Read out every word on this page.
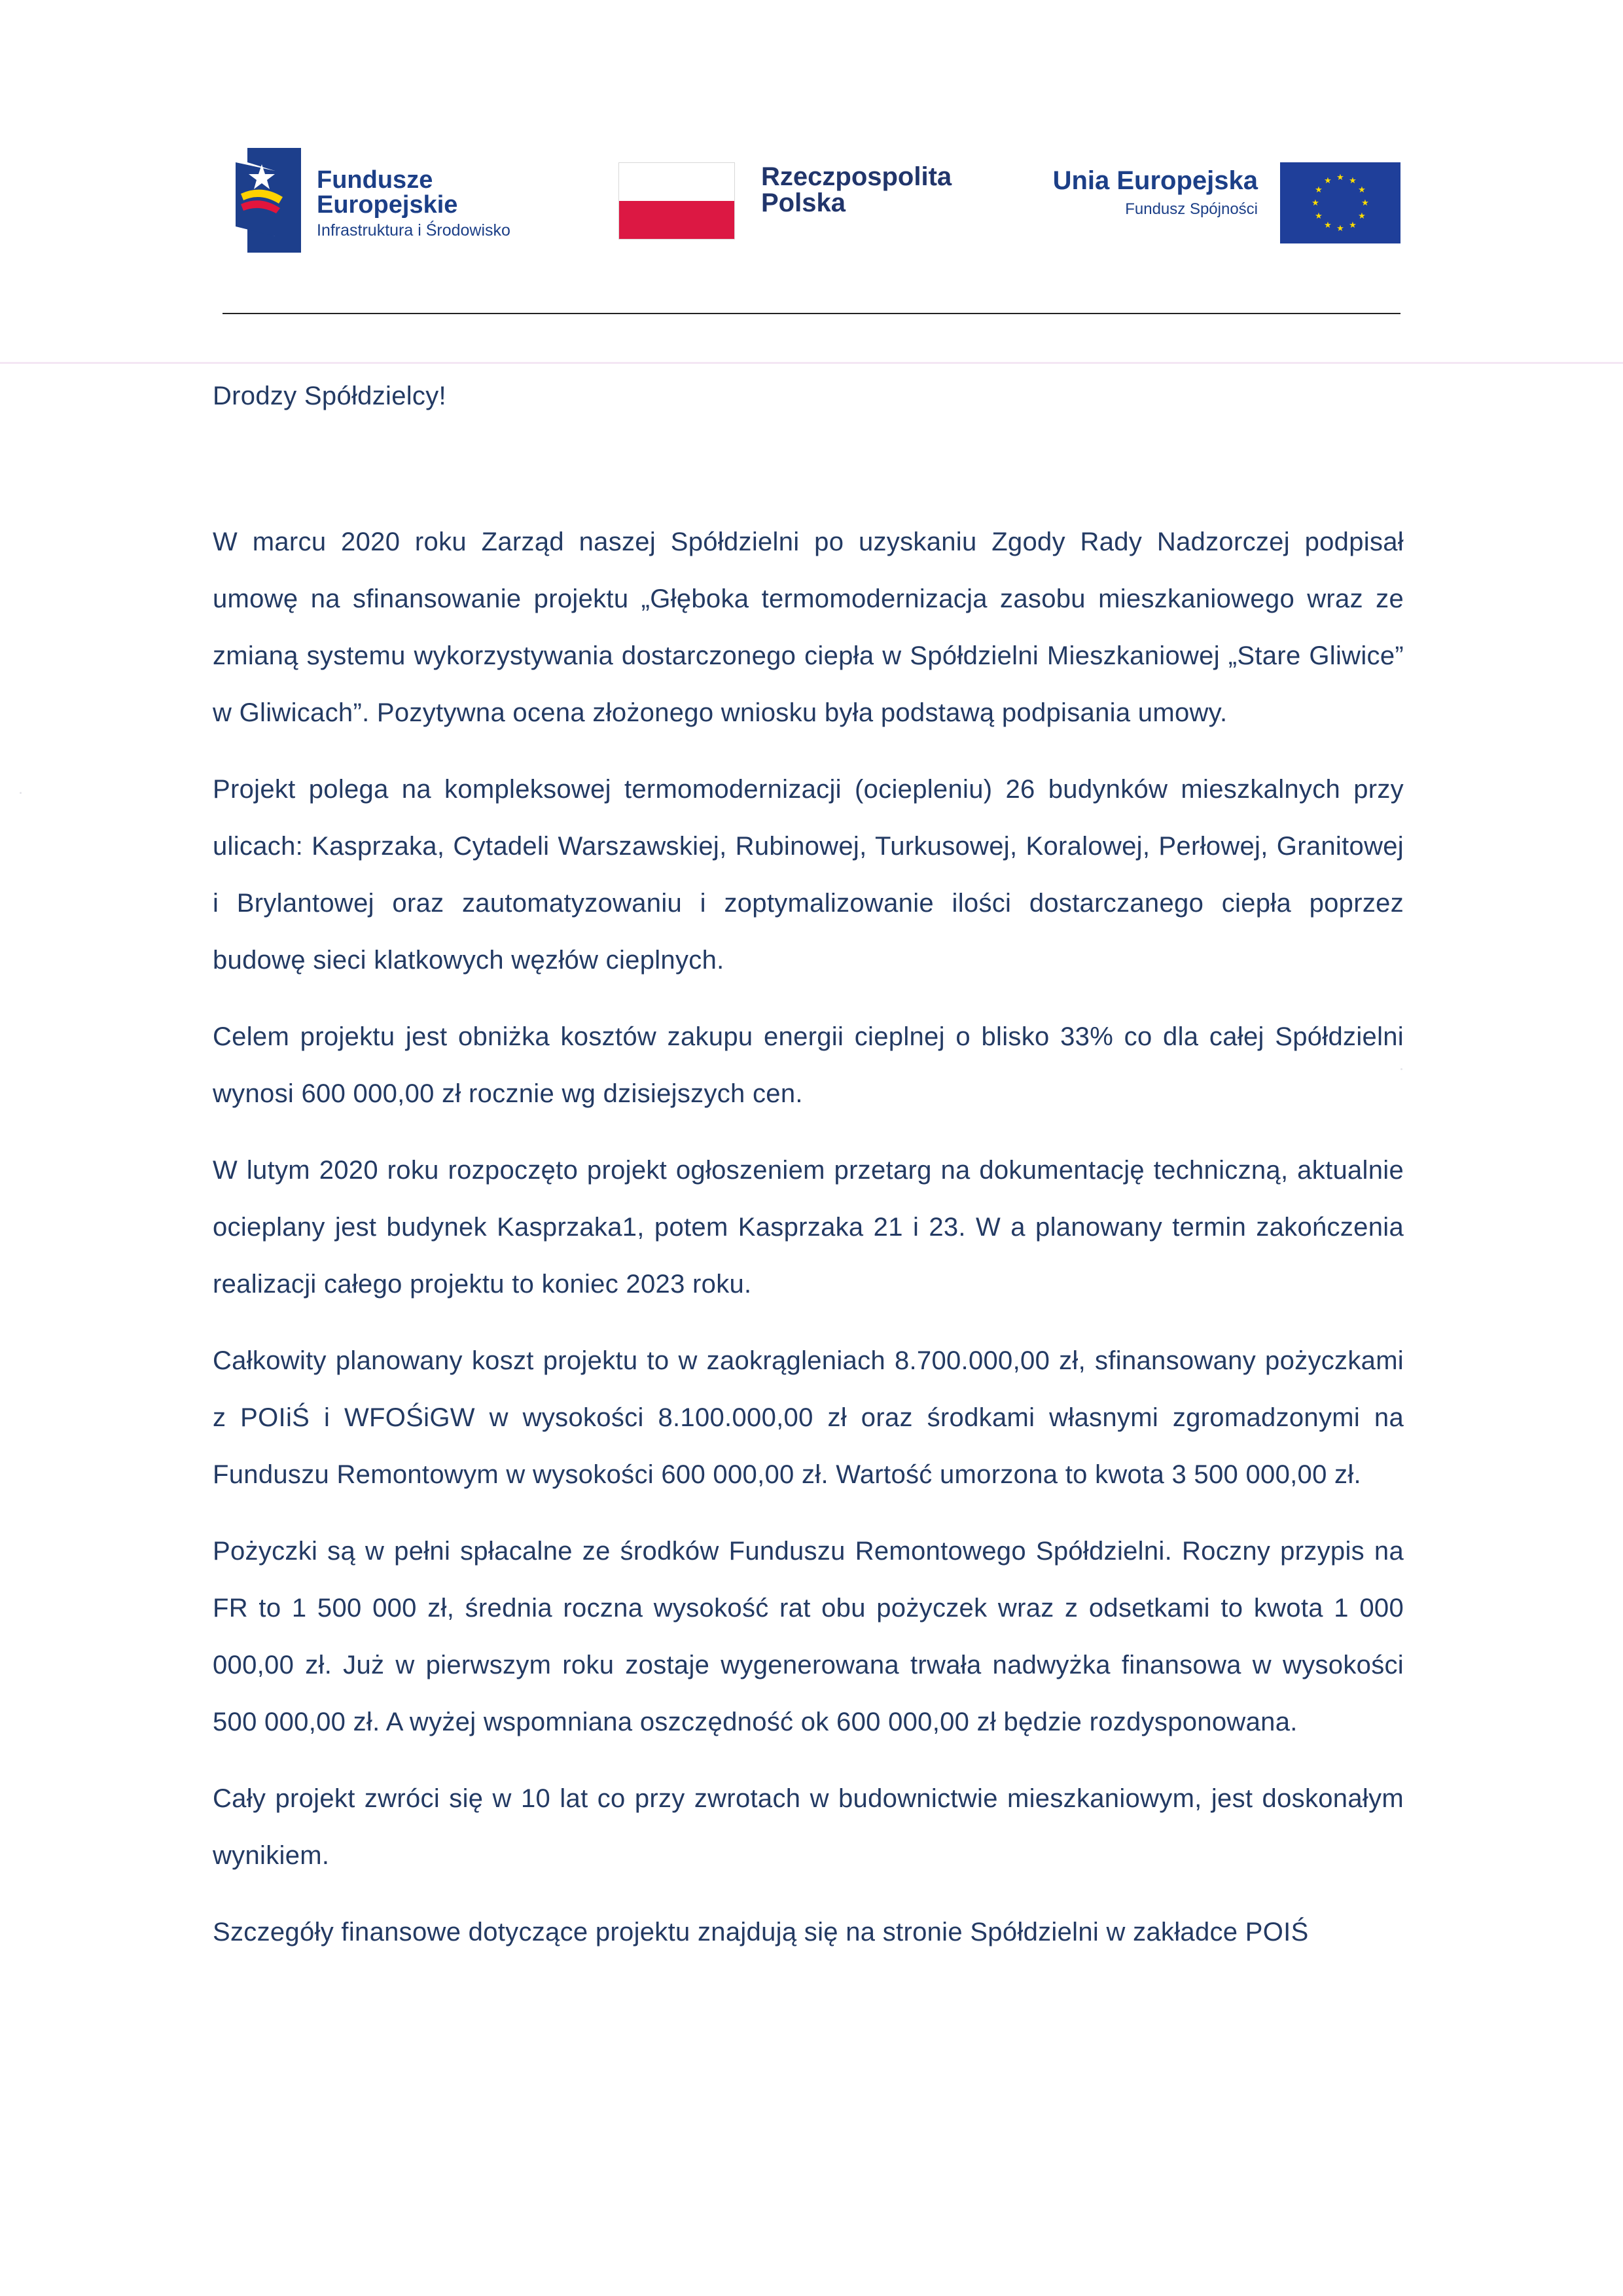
Fundusze
Europejskie
Infrastruktura i Środowisko
Rzeczpospolita
Polska
Unia Europejska
Fundusz Spójności
★ ★
★
★
★
★
★
★
★
★
★
★

Drodzy Spółdzielcy!

W marcu 2020 roku Zarząd naszej Spółdzielni po uzyskaniu Zgody Rady Nadzorczej podpisał umowę na sfinansowanie projektu „Głęboka termomodernizacja zasobu mieszkaniowego wraz ze zmianą systemu wykorzystywania dostarczonego ciepła w Spółdzielni Mieszkaniowej „Stare Gliwice” w Gliwicach”. Pozytywna ocena złożonego wniosku była podstawą podpisania umowy.

Projekt polega na kompleksowej termomodernizacji (ociepleniu) 26 budynków mieszkalnych przy ulicach: Kasprzaka, Cytadeli Warszawskiej, Rubinowej, Turkusowej, Koralowej, Perłowej, Granitowej i Brylantowej oraz zautomatyzowaniu i zoptymalizowanie ilości dostarczanego ciepła poprzez budowę sieci klatkowych węzłów cieplnych.

Celem projektu jest obniżka kosztów zakupu energii cieplnej o blisko 33% co dla całej Spółdzielni wynosi 600 000,00 zł rocznie wg dzisiejszych cen.

W lutym 2020 roku rozpoczęto projekt ogłoszeniem przetarg na dokumentację techniczną, aktualnie ocieplany jest budynek Kasprzaka1, potem Kasprzaka 21 i 23. W a planowany termin zakończenia realizacji całego projektu to koniec 2023 roku.

Całkowity planowany koszt projektu to w zaokrągleniach 8.700.000,00 zł, sfinansowany pożyczkami z POIiŚ i WFOŚiGW w wysokości 8.100.000,00 zł oraz środkami własnymi zgromadzonymi na Funduszu Remontowym w wysokości 600 000,00 zł. Wartość umorzona to kwota 3 500 000,00 zł.

Pożyczki są w pełni spłacalne ze środków Funduszu Remontowego Spółdzielni. Roczny przypis na FR to 1 500 000 zł, średnia roczna wysokość rat obu pożyczek wraz z odsetkami to kwota 1 000 000,00 zł. Już w pierwszym roku zostaje wygenerowana trwała nadwyżka finansowa w wysokości 500 000,00 zł. A wyżej wspomniana oszczędność ok 600 000,00 zł będzie rozdysponowana.

Cały projekt zwróci się w 10 lat co przy zwrotach w budownictwie mieszkaniowym, jest doskonałym wynikiem.

Szczegóły finansowe dotyczące projektu znajdują się na stronie Spółdzielni w zakładce POIŚ
